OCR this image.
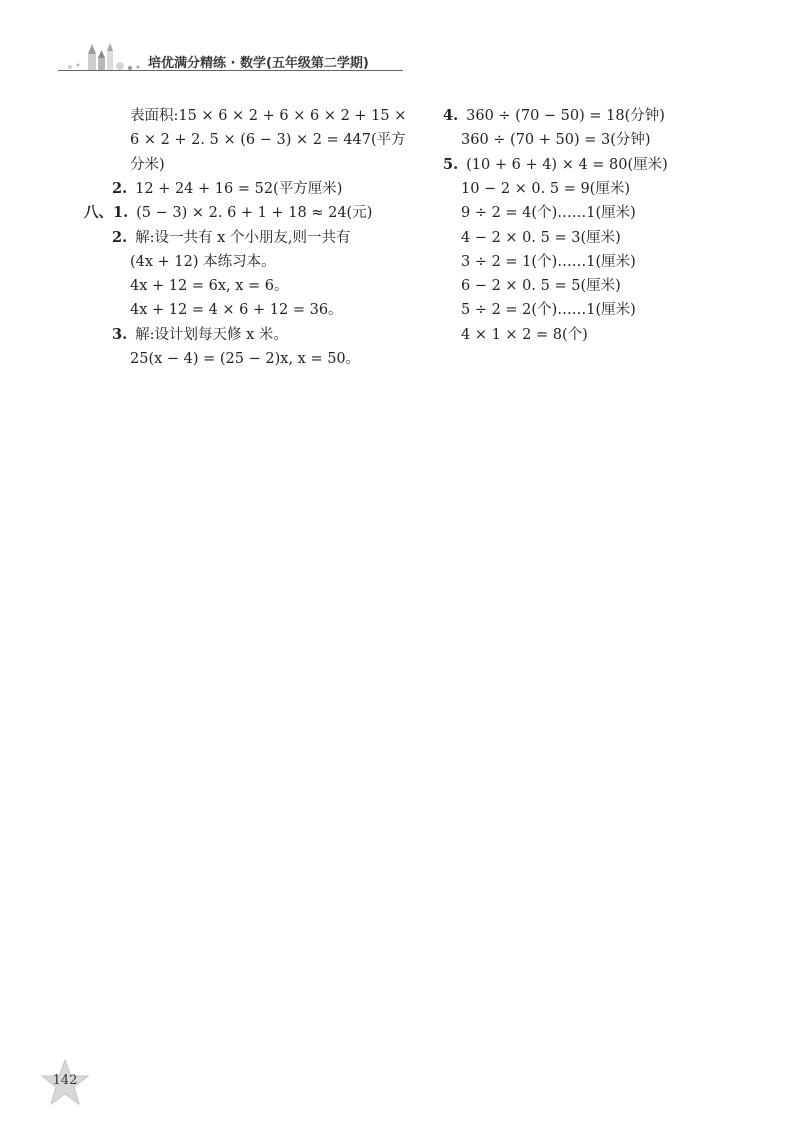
培优满分精练 · 数学(五年级第二学期)
表面积:15 × 6 × 2 + 6 × 6 × 2 + 15 ×
6 × 2 + 2. 5 × (6 − 3) × 2 = 447(平方
分米)
2. 12 + 24 + 16 = 52(平方厘米)
八、1. (5 − 3) × 2. 6 + 1 + 18 ≈ 24(元)
2. 解:设一共有 x 个小朋友,则一共有
(4x + 12) 本练习本。
4x + 12 = 6x, x = 6。
4x + 12 = 4 × 6 + 12 = 36。
3. 解:设计划每天修 x 米。
25(x − 4) = (25 − 2)x, x = 50。
4. 360 ÷ (70 − 50) = 18(分钟)
360 ÷ (70 + 50) = 3(分钟)
5. (10 + 6 + 4) × 4 = 80(厘米)
10 − 2 × 0. 5 = 9(厘米)
9 ÷ 2 = 4(个)……1(厘米)
4 − 2 × 0. 5 = 3(厘米)
3 ÷ 2 = 1(个)……1(厘米)
6 − 2 × 0. 5 = 5(厘米)
5 ÷ 2 = 2(个)……1(厘米)
4 × 1 × 2 = 8(个)
142
